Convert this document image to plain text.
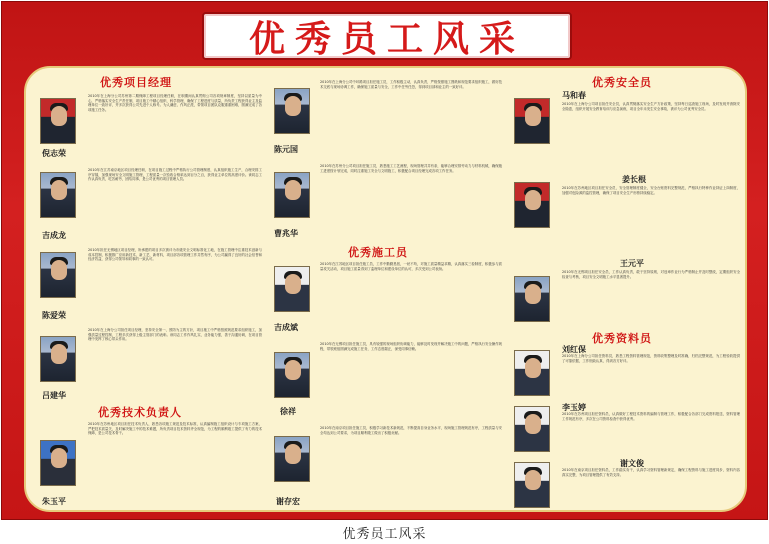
优秀员工风采
优秀项目经理
倪志荣
2010年在上海分公司苏州第二期保障工程项目经理任职，在职期间认真贯彻公司各项规章制度，坚持以质量为中心，严格落实安全生产责任制，项目施工中精心组织、科学管理，确保了工程进度与质量，所负责工程获得业主及监理单位一致好评，并多次获得公司先进个人称号。为人谦虚、作风正派，带领项目团队克服重重困难，圆满完成了各项施工任务。
吉成龙
2010年在江苏南京地区项目经理任职，在项目施工过程中严格执行公司管理制度，认真组织施工生产，合理安排工序穿插，加强现场安全文明施工管理，工程质量一次验收合格率达到百分之百，获得业主单位的高度评价。该同志工作认真负责，吃苦耐劳，团结同事，是公司优秀的项目管理人员。
陈爱荣
2010年担任无锡地区项目经理，所承建的项目多次被评为市级安全文明标准化工地，在施工管理中注重技术创新与成本控制，积极推广应用新技术、新工艺、新材料，项目部各项管理工作井然有序，为公司赢得了良好的社会信誉和经济效益，获得公司领导和同事的一致认可。
吕建华
2010年在上海分公司担任项目经理，坚持安全第一、预防为主的方针，项目施工中严格按照规范要求组织施工，加强质量过程控制，工程多次获得上级主管部门的表彰。该同志工作作风扎实，业务能力强，善于沟通协调，在项目管理中发挥了核心带头作用。
优秀技术负责人
朱玉平
2010年在苏州地区项目担任技术负责人，熟悉各项施工规范及技术标准，认真编制施工组织设计与专项施工方案，严把技术质量关，及时解决施工中的技术难题，所负责项目技术资料齐全规范，为工程的顺利竣工提供了有力的技术保障，是公司技术骨干。
陈元国
2010年在上海分公司中环路项目担任施工员，工作积极主动，认真负责，严格按照施工图纸和规范要求组织施工，做好技术交底与现场协调工作，确保施工质量与安全，工作中任劳任怨，得到项目部和业主的一致好评。
曹兆华
2010年在苏州分公司项目担任施工员，熟悉施工工艺流程，现场管理井井有条，能够合理安排劳动力与材料机械，确保施工进度按计划完成，同时注重施工安全与文明施工，积极配合项目经理完成各项工作任务。
优秀施工员
吉成斌
2010年在江苏地区项目担任施工员，工作中勤勤恳恳，一丝不苟，对施工质量精益求精，认真落实三检制度，积极参与质量攻关活动，项目施工质量得到了监理单位和建设单位的认可，多次受到公司表扬。
徐祥
2010年在无锡项目担任施工员，具有较强的现场组织协调能力，能够及时发现并解决施工中的问题，严格执行安全操作规程，带领班组圆满完成施工任务，工作态度端正，深受同事信赖。
谢存宏
2010年在南京项目担任施工员，积极学习新技术新规范，不断提高自身业务水平，现场施工管理规范有序，工程质量与安全均达到公司要求，为项目顺利竣工做出了积极贡献。
优秀安全员
马和春
2010年在上海分公司项目担任安全员，认真贯彻落实安全生产方针政策，坚持每日巡查施工现场，及时发现并消除安全隐患，组织开展安全教育培训与应急演练，项目全年未发生安全事故，被评为公司优秀安全员。
姜长根
2010年在苏州地区项目担任安全员，安全管理制度健全，安全台账资料完整规范，严格执行特种作业持证上岗制度，加强对危险源的监控管理，确保了项目安全生产形势持续稳定。
王元平
2010年在无锡项目担任安全员，工作认真负责，敢于坚持原则，对违章作业行为严格制止并及时整改，定期组织安全检查与考核，项目安全文明施工水平显著提升。
优秀资料员
刘红保
2010年在上海分公司担任资料员，熟悉工程资料管理规范，资料收集整理及时准确，归档完整规范，为工程验收提供了可靠依据，工作细致认真，得到各方好评。
李玉婷
2010年在苏州项目担任资料员，认真做好工程技术资料的编制与管理工作，积极配合各部门完成资料报送，资料管理工作规范有序，多次在公司资料检查中获得优秀。
谢文俊
2010年在南京项目担任资料员，工作踏实肯干，认真学习资料管理新规定，确保工程资料与施工进度同步，资料内容真实完整，为项目管理提供了有效支持。
优秀员工风采
